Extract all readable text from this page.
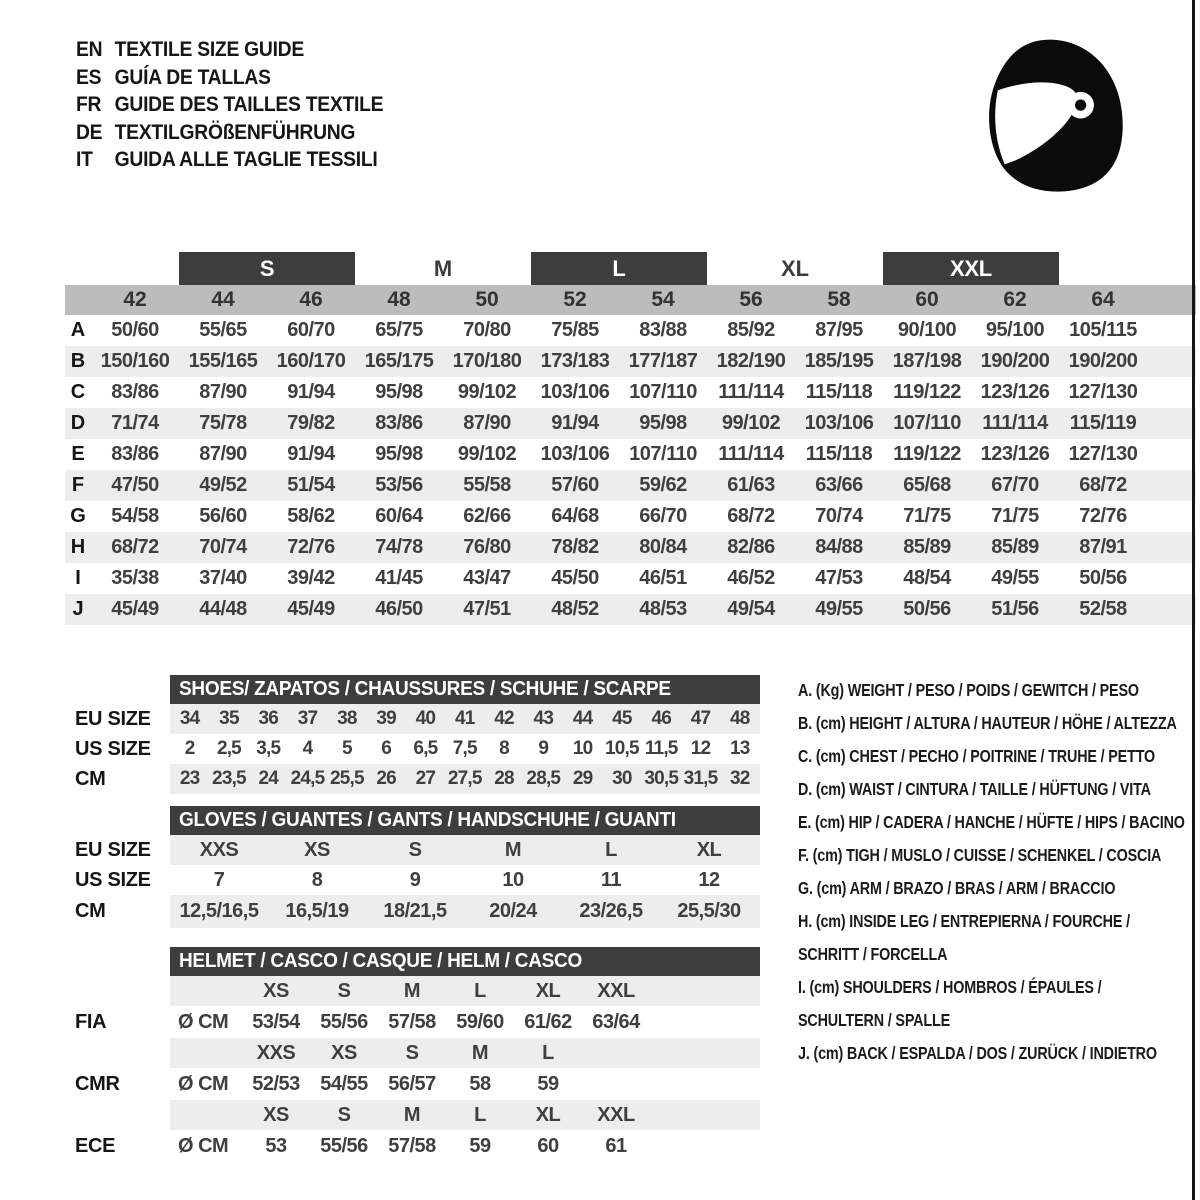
EN TEXTILE SIZE GUIDE
ES GUÍA DE TALLAS
FR GUIDE DES TAILLES TEXTILE
DE TEXTILGRÖßENFÜHRUNG
IT	GUIDA ALLE TAGLIE TESSILI
S	M	L	XL	XXL
42	44	46	48	50	52	54	56	58	60	62	64
A	50/60	55/65	60/70	65/75	70/80	75/85	83/88	85/92	87/95	90/100	95/100	105/115
B 150/160 155/165 160/170 165/175 170/180 173/183 177/187 182/190 185/195 187/198 190/200 190/200
C	83/86	87/90	91/94	95/98	99/102	103/106 107/110	111/114	115/118	119/122 123/126 127/130
D	71/74	75/78	79/82	83/86	87/90	91/94	95/98	99/102	103/106 107/110	111/114	115/119
E	83/86	87/90	91/94	95/98	99/102	103/106 107/110	111/114	115/118	119/122 123/126 127/130
F	47/50	49/52	51/54	53/56	55/58	57/60	59/62	61/63	63/66	65/68	67/70	68/72
G	54/58	56/60	58/62	60/64	62/66	64/68	66/70	68/72	70/74	71/75	71/75	72/76
H	68/72	70/74	72/76	74/78	76/80	78/82	80/84	82/86	84/88	85/89	85/89	87/91
I	35/38	37/40	39/42	41/45	43/47	45/50	46/51	46/52	47/53	48/54	49/55	50/56
J	45/49	44/48	45/49	46/50	47/51	48/52	48/53	49/54	49/55	50/56	51/56	52/58
SHOES/ ZAPATOS / CHAUSSURES / SCHUHE / SCARPE
EU SIZE	34	35	36	37	38	39	40	41	42	43	44	45	46	47	48
US SIZE	2	2,5 3,5	4	5	6	6,5 7,5	8	9	10 10,5 11,5 12	13
CM	23 23,5 24 24,5 25,5 26	27 27,5 28 28,5 29	30 30,5 31,5 32
GLOVES / GUANTES / GANTS / HANDSCHUHE / GUANTI
EU SIZE	XXS	XS	S	M	L	XL
US SIZE	7	8	9	10	11	12
CM	12,5/16,5	16,5/19	18/21,5	20/24	23/26,5	25,5/30
HELMET / CASCO / CASQUE / HELM / CASCO
XS	S	M	L	XL	XXL
FIA	Ø CM	53/54	55/56	57/58	59/60	61/62	63/64
XXS	XS	S	M	L
CMR	Ø CM	52/53	54/55	56/57	58	59
XS	S	M	L	XL	XXL
ECE	Ø CM	53	55/56	57/58	59	60	61
A. (Kg) WEIGHT / PESO / POIDS / GEWITCH / PESO
B. (cm) HEIGHT / ALTURA / HAUTEUR / HÖHE / ALTEZZA
C. (cm) CHEST / PECHO / POITRINE / TRUHE / PETTO
D. (cm) WAIST / CINTURA / TAILLE / HÜFTUNG / VITA
E. (cm) HIP / CADERA / HANCHE / HÜFTE / HIPS / BACINO
F. (cm) TIGH / MUSLO / CUISSE / SCHENKEL / COSCIA
G. (cm) ARM / BRAZO / BRAS / ARM / BRACCIO
H. (cm) INSIDE LEG / ENTREPIERNA / FOURCHE /
SCHRITT / FORCELLA
I. (cm) SHOULDERS / HOMBROS / ÉPAULES /
SCHULTERN / SPALLE
J. (cm) BACK / ESPALDA / DOS / ZURÜCK / INDIETRO
